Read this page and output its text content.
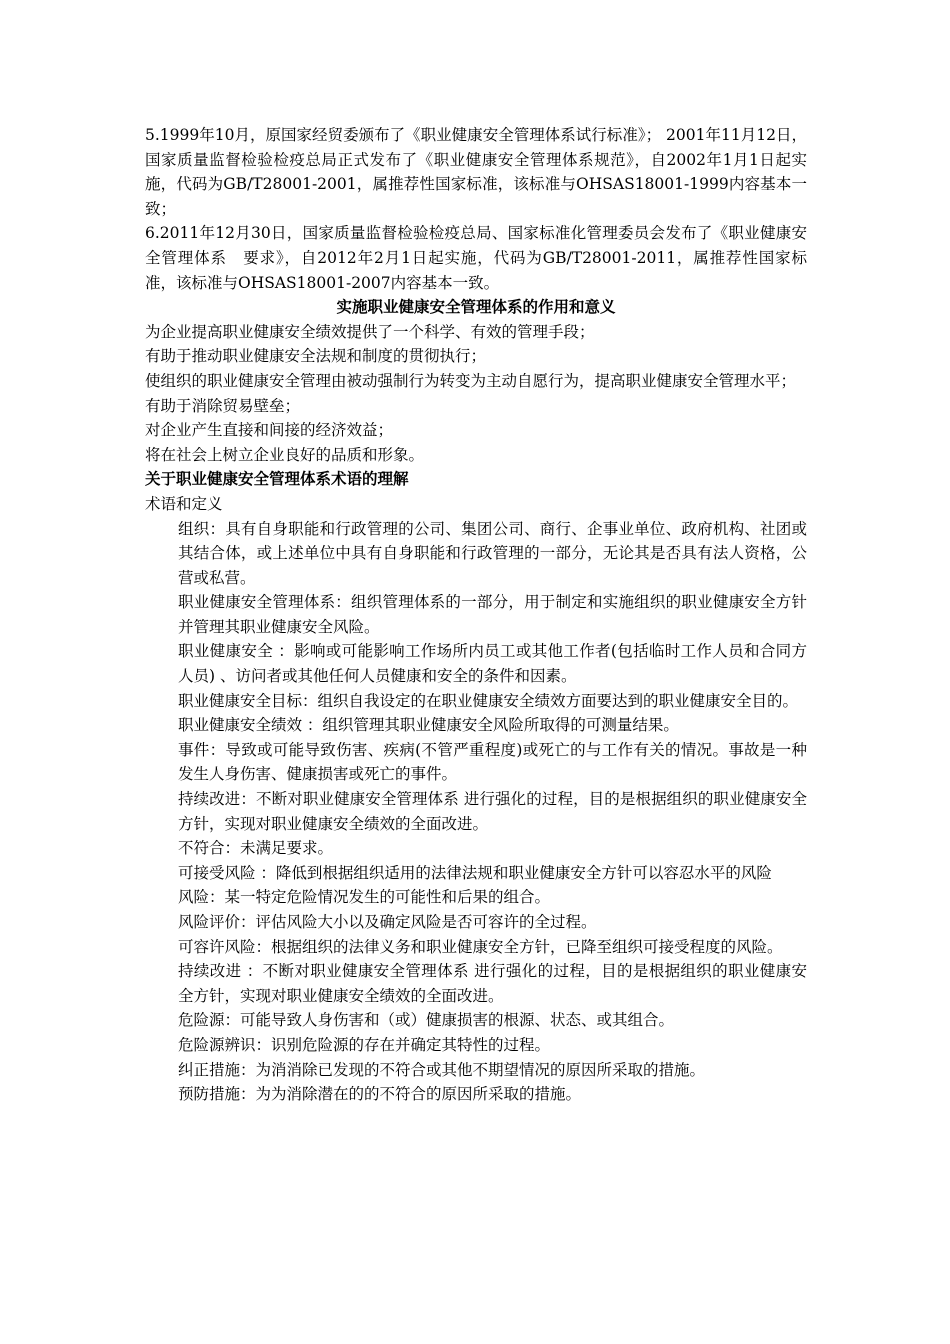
5.1999年10月，原国家经贸委颁布了《职业健康安全管理体系试行标准》； 2001年11月12日，国家质量监督检验检疫总局正式发布了《职业健康安全管理体系规范》，自2002年1月1日起实施，代码为GB/T28001-2001，属推荐性国家标准，该标准与OHSAS18001-1999内容基本一致；

6.2011年12月30日，国家质量监督检验检疫总局、国家标准化管理委员会发布了《职业健康安全管理体系　要求》，自2012年2月1日起实施，代码为GB/T28001-2011，属推荐性国家标准，该标准与OHSAS18001-2007内容基本一致。

实施职业健康安全管理体系的作用和意义

为企业提高职业健康安全绩效提供了一个科学、有效的管理手段；

有助于推动职业健康安全法规和制度的贯彻执行；

使组织的职业健康安全管理由被动强制行为转变为主动自愿行为，提高职业健康安全管理水平；

有助于消除贸易壁垒；

对企业产生直接和间接的经济效益；

将在社会上树立企业良好的品质和形象。

关于职业健康安全管理体系术语的理解

术语和定义

组织：具有自身职能和行政管理的公司、集团公司、商行、企事业单位、政府机构、社团或其结合体，或上述单位中具有自身职能和行政管理的一部分，无论其是否具有法人资格，公营或私营。

职业健康安全管理体系：组织管理体系的一部分，用于制定和实施组织的职业健康安全方针并管理其职业健康安全风险。

职业健康安全 ：影响或可能影响工作场所内员工或其他工作者(包括临时工作人员和合同方人员) 、访问者或其他任何人员健康和安全的条件和因素。

职业健康安全目标：组织自我设定的在职业健康安全绩效方面要达到的职业健康安全目的。

职业健康安全绩效 ：组织管理其职业健康安全风险所取得的可测量结果。

事件：导致或可能导致伤害、疾病(不管严重程度)或死亡的与工作有关的情况。事故是一种发生人身伤害、健康损害或死亡的事件。

持续改进：不断对职业健康安全管理体系 进行强化的过程，目的是根据组织的职业健康安全方针，实现对职业健康安全绩效的全面改进。

不符合：未满足要求。

可接受风险 ：降低到根据组织适用的法律法规和职业健康安全方针可以容忍水平的风险

风险：某一特定危险情况发生的可能性和后果的组合。

风险评价：评估风险大小以及确定风险是否可容许的全过程。

可容许风险：根据组织的法律义务和职业健康安全方针，已降至组织可接受程度的风险。

持续改进 ：不断对职业健康安全管理体系 进行强化的过程，目的是根据组织的职业健康安全方针，实现对职业健康安全绩效的全面改进。

危险源：可能导致人身伤害和（或）健康损害的根源、状态、或其组合。

危险源辨识：识别危险源的存在并确定其特性的过程。

纠正措施：为消消除已发现的不符合或其他不期望情况的原因所采取的措施。

预防措施：为为消除潜在的的不符合的原因所采取的措施。
